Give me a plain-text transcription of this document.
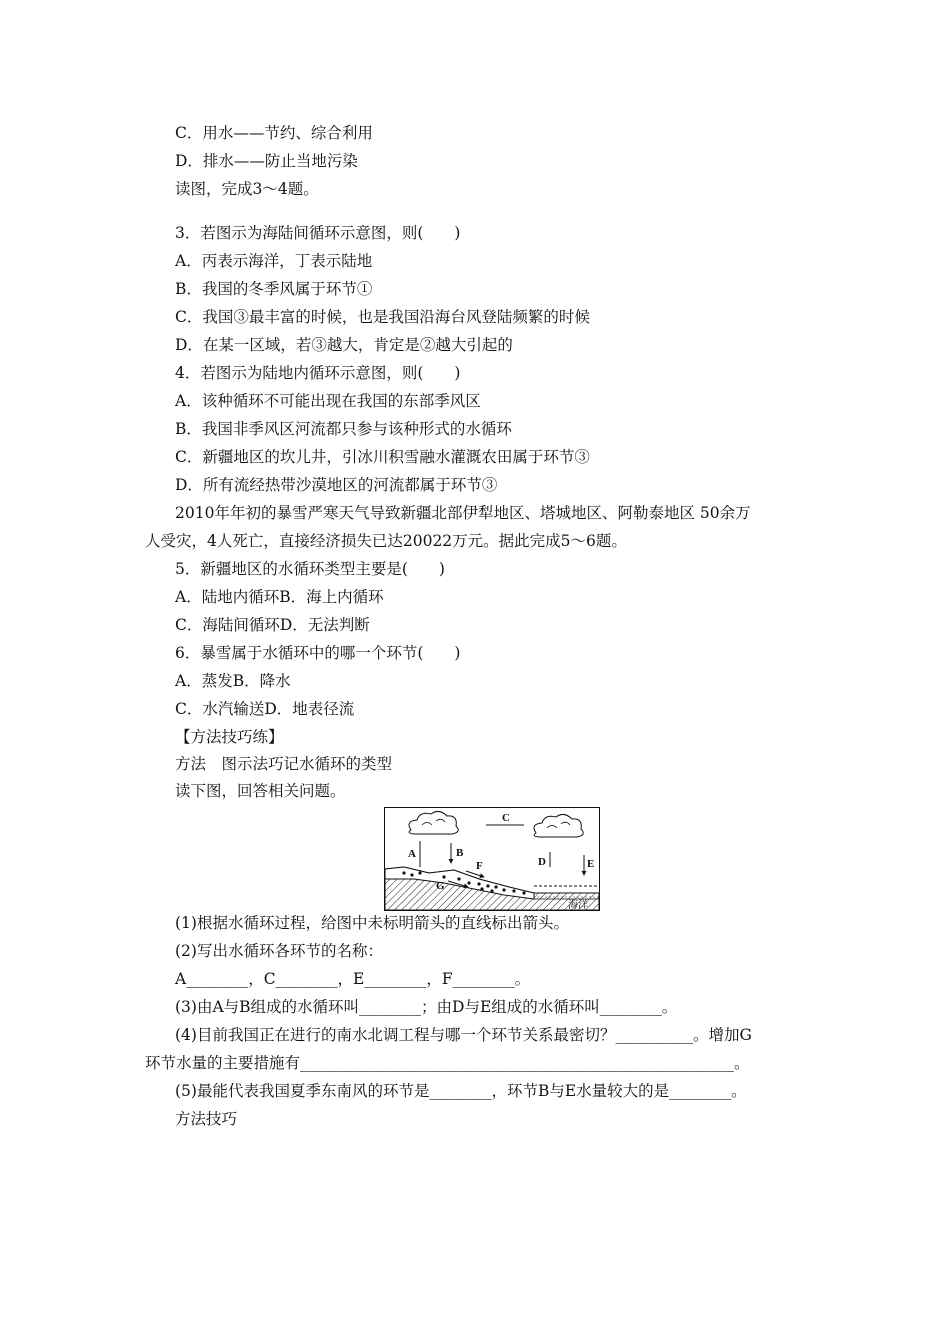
C．用水——节约、综合利用
D．排水——防止当地污染
读图，完成3～4题。
3．若图示为海陆间循环示意图，则(　　)
A．丙表示海洋，丁表示陆地
B．我国的冬季风属于环节①
C．我国③最丰富的时候，也是我国沿海台风登陆频繁的时候
D．在某一区域，若③越大，肯定是②越大引起的
4．若图示为陆地内循环示意图，则(　　)
A．该种循环不可能出现在我国的东部季风区
B．我国非季风区河流都只参与该种形式的水循环
C．新疆地区的坎儿井，引冰川积雪融水灌溉农田属于环节③
D．所有流经热带沙漠地区的河流都属于环节③
2010年年初的暴雪严寒天气导致新疆北部伊犁地区、塔城地区、阿勒泰地区 50余万
人受灾，4人死亡，直接经济损失已达20022万元。据此完成5～6题。
5．新疆地区的水循环类型主要是(　　)
A．陆地内循环B．海上内循环
C．海陆间循环D．无法判断
6．暴雪属于水循环中的哪一个环节(　　)
A．蒸发B．降水
C．水汽输送D．地表径流
【方法技巧练】
方法　图示法巧记水循环的类型
读下图，回答相关问题。
A	B
C
D	E
F
G
海洋
(1)根据水循环过程，给图中未标明箭头的直线标出箭头。
(2)写出水循环各环节的名称：
A________，C________，E________，F________。
(3)由A与B组成的水循环叫________；由D与E组成的水循环叫________。
(4)目前我国正在进行的南水北调工程与哪一个环节关系最密切？__________。增加G
环节水量的主要措施有________________________________________________________。
(5)最能代表我国夏季东南风的环节是________，环节B与E水量较大的是________。
方法技巧
